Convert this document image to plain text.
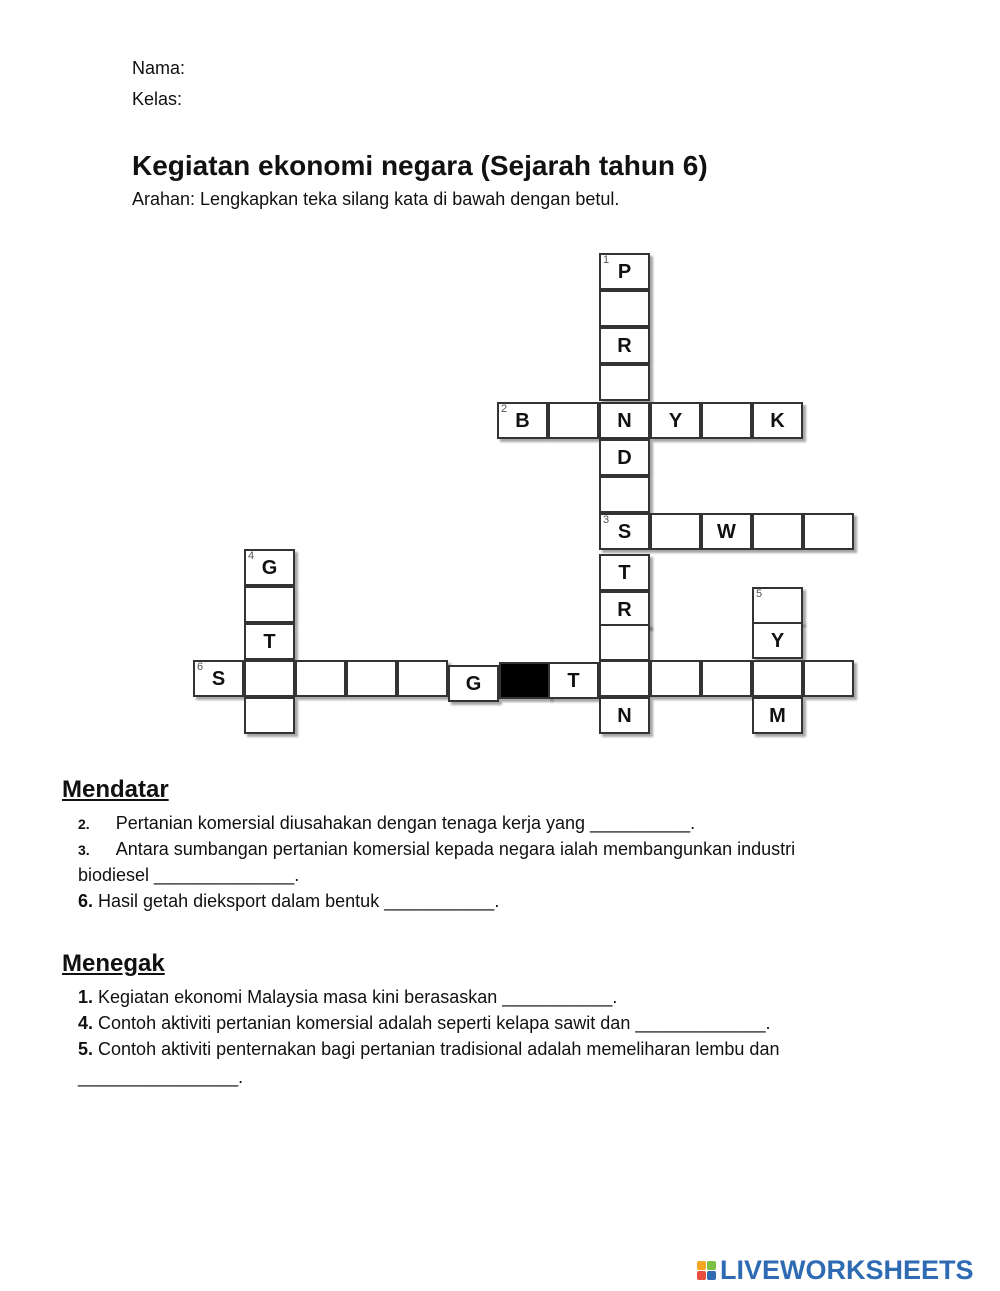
Nama:
Kelas:
Kegiatan ekonomi negara (Sejarah tahun 6)
Arahan: Lengkapkan teka silang kata di bawah dengan betul.
1
P
R
2
B	N	Y	K
D
3
S	W
4
G	T
R
5
T	Y
6
S	G	T
N	M
Mendatar
2. Pertanian komersial diusahakan dengan tenaga kerja yang __________.
3. Antara sumbangan pertanian komersial kepada negara ialah membangunkan industri
biodiesel ______________.
6. Hasil getah dieksport dalam bentuk ___________.
Menegak
1. Kegiatan ekonomi Malaysia masa kini berasaskan ___________.
4. Contoh aktiviti pertanian komersial adalah seperti kelapa sawit dan _____________.
5. Contoh aktiviti penternakan bagi pertanian tradisional adalah memeliharan lembu dan
________________.
LIVEWORKSHEETS
